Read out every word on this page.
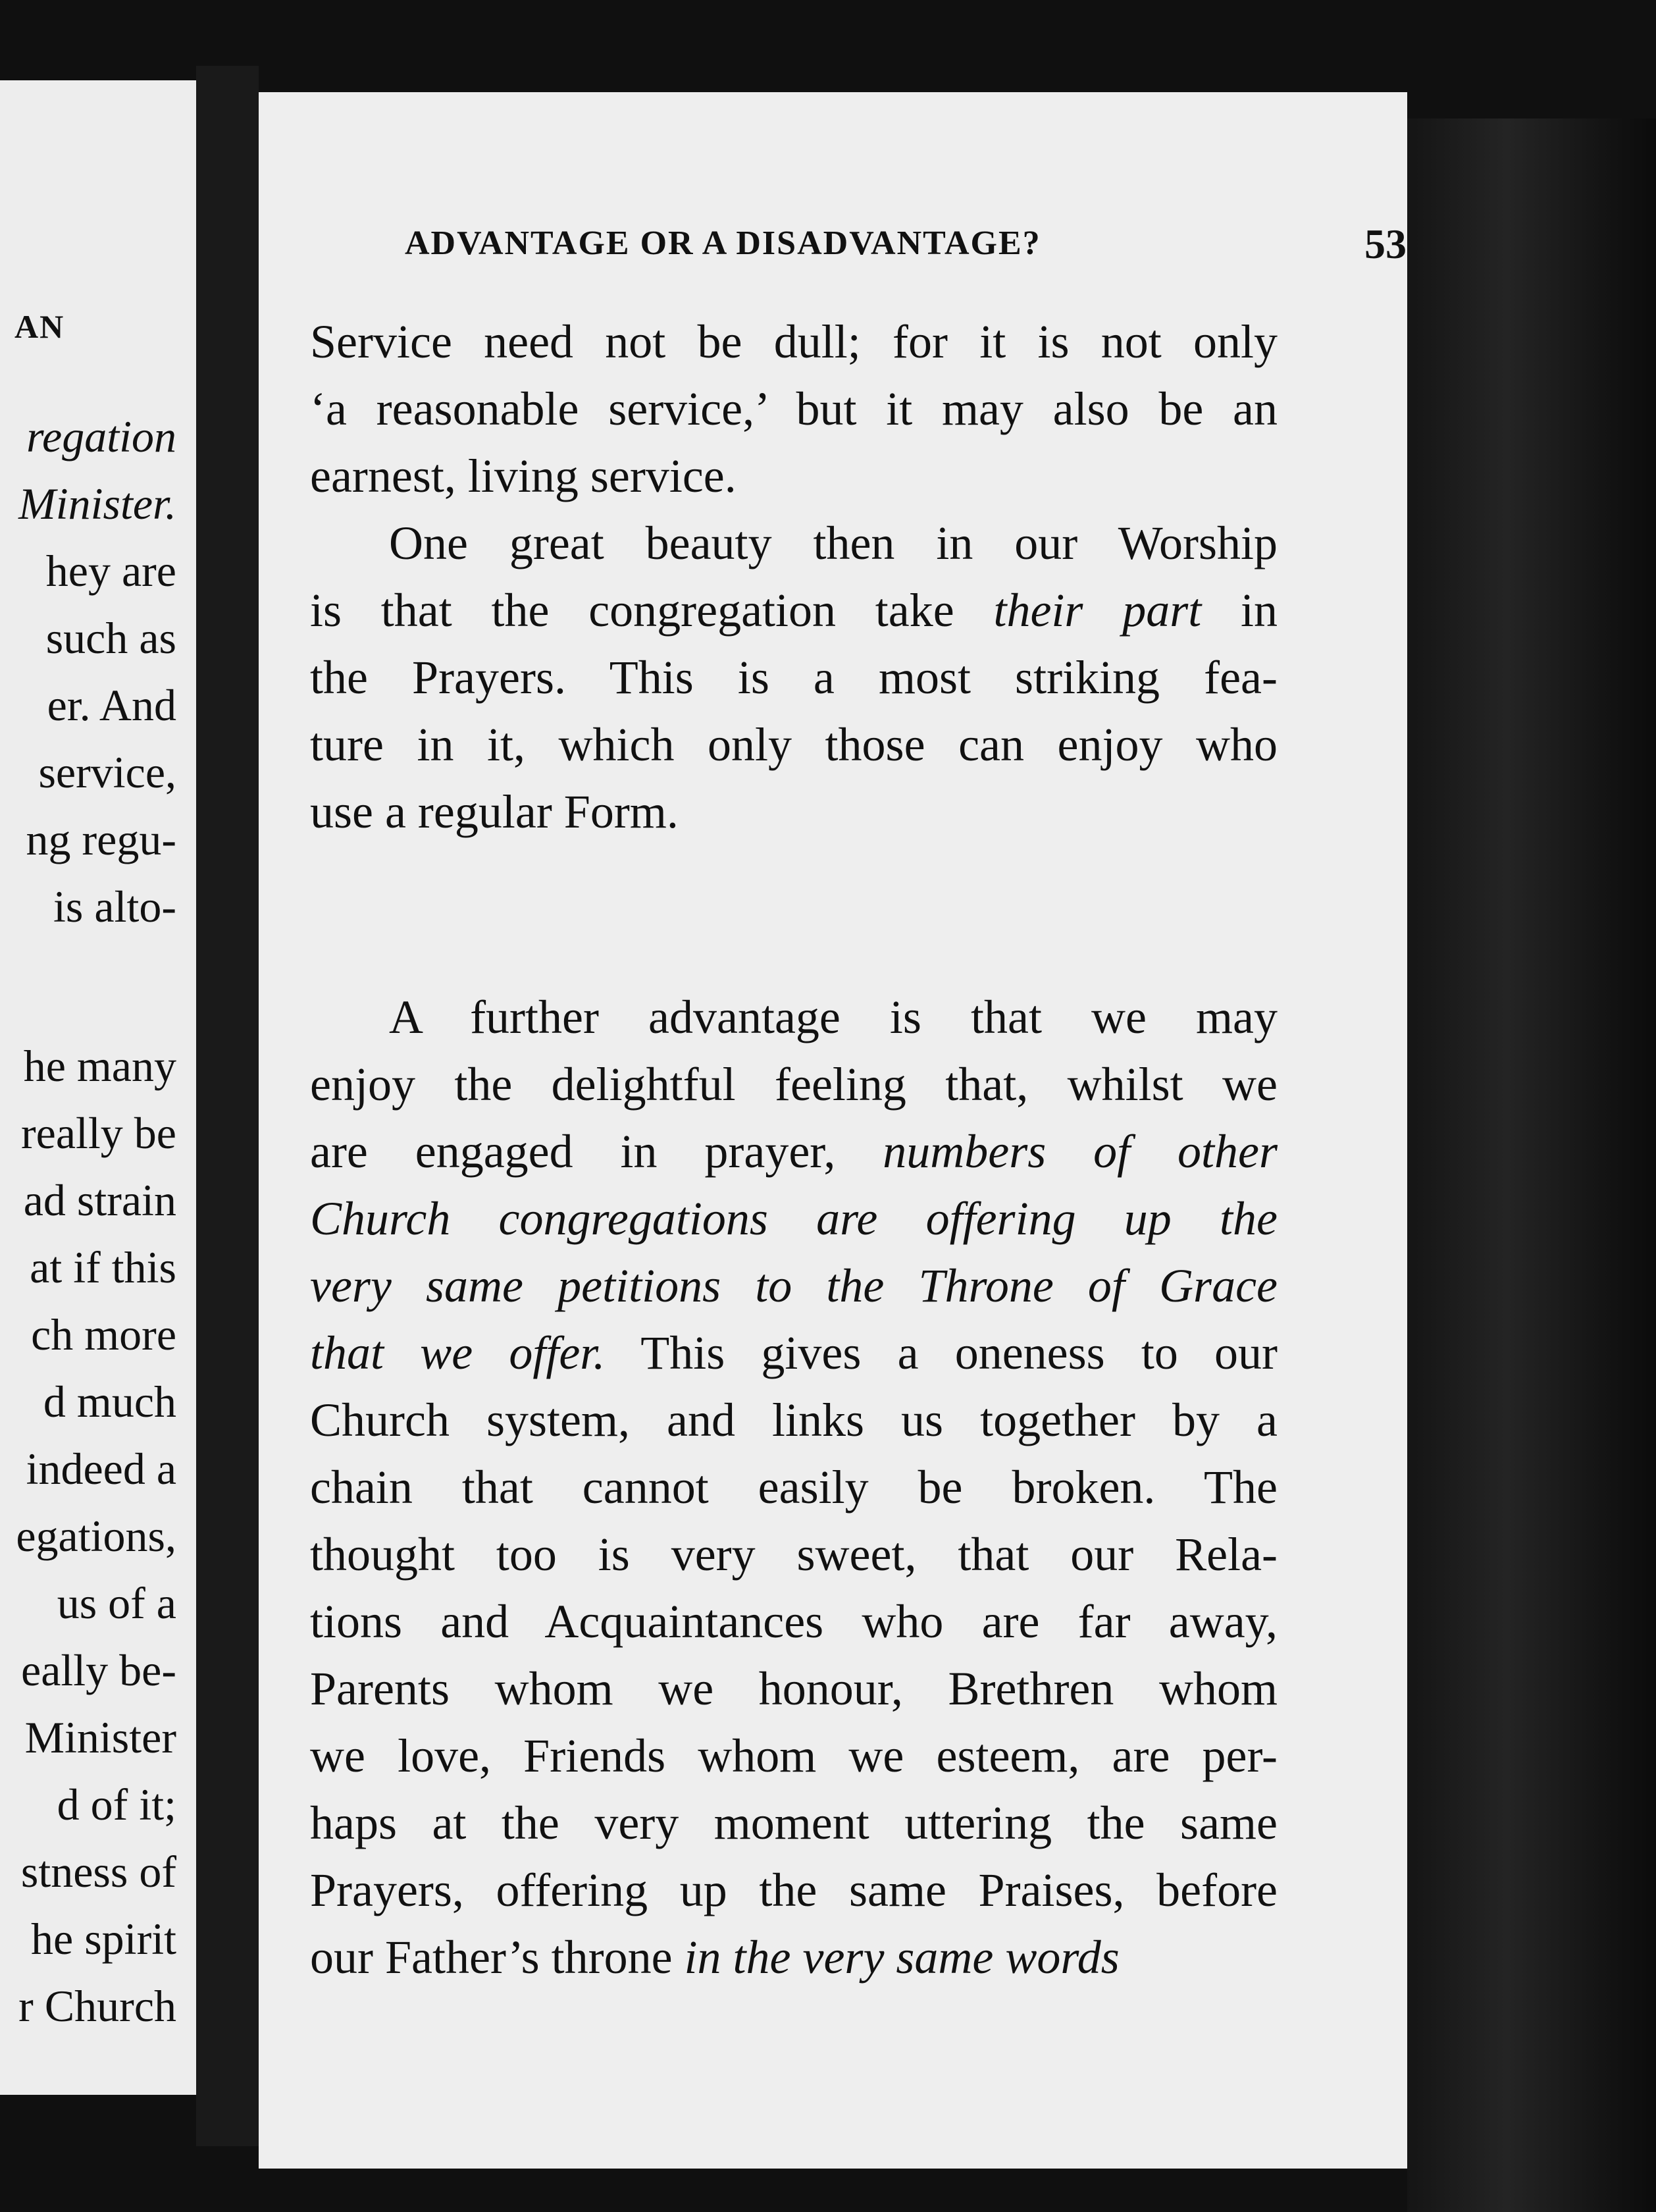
AN
regation
Minister.
hey are
such as
er. And
service,
ng regu-
is alto-
he many
really be
ad strain
at if this
ch more
d much
indeed a
egations,
us of a
eally be-
Minister
d of it;
stness of
he spirit
r Church
ADVANTAGE OR A DISADVANTAGE?	53
Service need not be dull; for it is not only
‘a reasonable service,’ but it may also be an
earnest, living service.
One great beauty then in our Worship
is that the congregation take their part in
the Prayers. This is a most striking fea-
ture in it, which only those can enjoy who
use a regular Form.
A further advantage is that we may
enjoy the delightful feeling that, whilst we
are engaged in prayer, numbers of other
Church congregations are offering up the
very same petitions to the Throne of Grace
that we offer. This gives a oneness to our
Church system, and links us together by a
chain that cannot easily be broken. The
thought too is very sweet, that our Rela-
tions and Acquaintances who are far away,
Parents whom we honour, Brethren whom
we love, Friends whom we esteem, are per-
haps at the very moment uttering the same
Prayers, offering up the same Praises, before
our Father’s throne in the very same words
